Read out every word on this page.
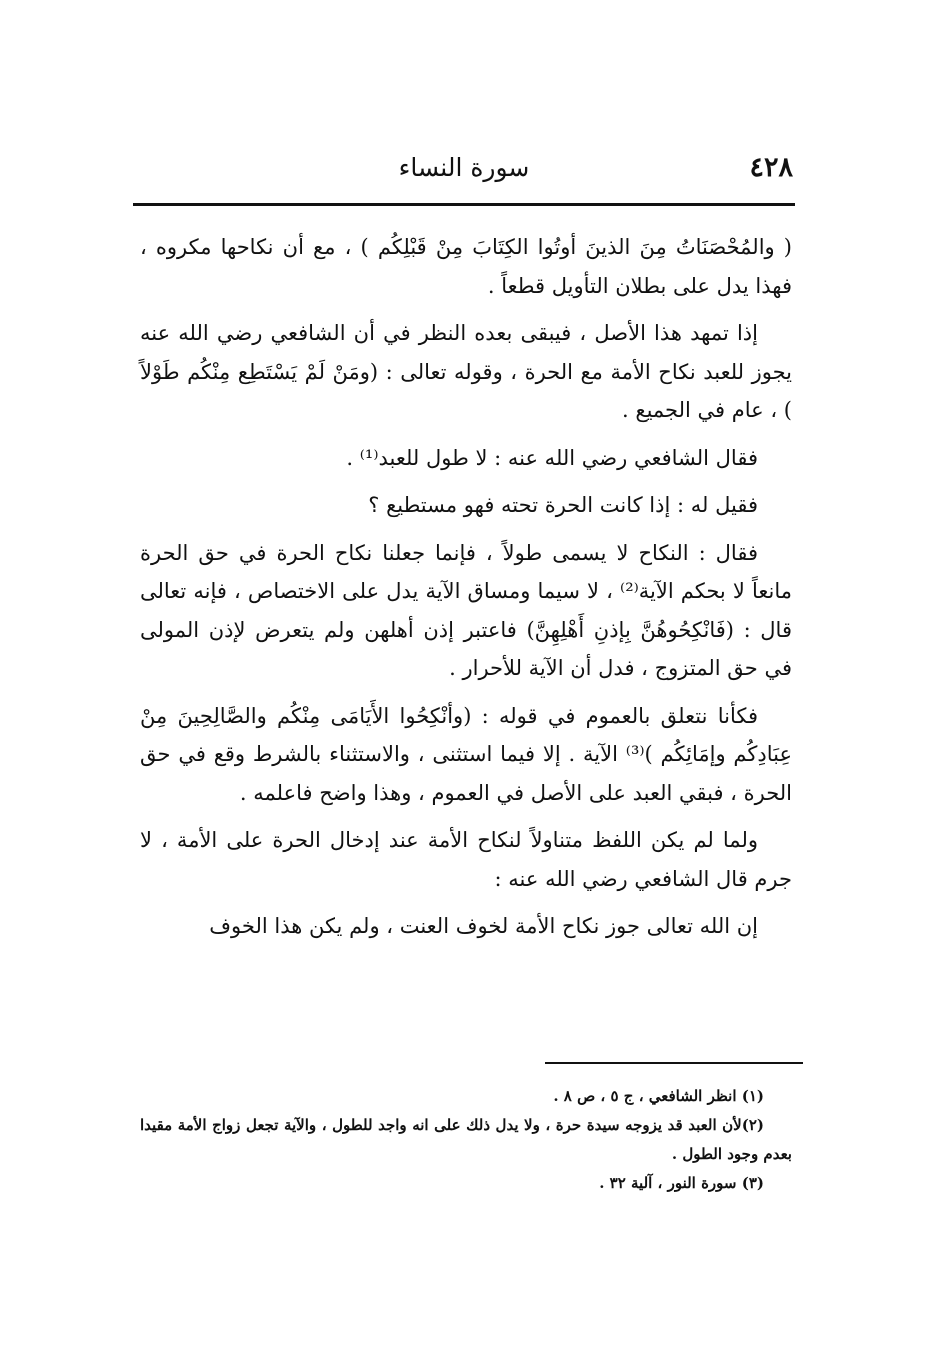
٤٢٨
سورة النساء

( والمُحْصَنَاتُ مِنَ الذينَ أوتُوا الكِتَابَ مِنْ قَبْلِكُم ) ، مع أن نكاحها مكروه ، فهذا يدل على بطلان التأويل قطعاً .

إذا تمهد هذا الأصل ، فيبقى بعده النظر في أن الشافعي رضي الله عنه يجوز للعبد نكاح الأمة مع الحرة ، وقوله تعالى : (ومَنْ لَمْ يَسْتَطِع مِنْكُم طَوْلاً ) ، عام في الجميع .

فقال الشافعي رضي الله عنه : لا طول للعبد⁽¹⁾ .

فقيل له : إذا كانت الحرة تحته فهو مستطيع ؟

فقال : النكاح لا يسمى طولاً ، فإنما جعلنا نكاح الحرة في حق الحرة مانعاً لا بحكم الآية⁽²⁾ ، لا سيما ومساق الآية يدل على الاختصاص ، فإنه تعالى قال : (فَانْكِحُوهُنَّ بِإذنِ أَهْلِهِنَّ) فاعتبر إذن أهلهن ولم يتعرض لإذن المولى في حق المتزوج ، فدل أن الآية للأحرار .

فكأنا نتعلق بالعموم في قوله : (وأنْكِحُوا الأَيَامَى مِنْكُم والصَّالِحِينَ مِنْ عِبَادِكُم وإمَائِكُم )⁽³⁾ الآية . إلا فيما استثنى ، والاستثناء بالشرط وقع في حق الحرة ، فبقي العبد على الأصل في العموم ، وهذا واضح فاعلمه .

ولما لم يكن اللفظ متناولاً لنكاح الأمة عند إدخال الحرة على الأمة ، لا جرم قال الشافعي رضي الله عنه :

إن الله تعالى جوز نكاح الأمة لخوف العنت ، ولم يكن هذا الخوف

(١) انظر الشافعي ، ج ٥ ، ص ٨ .

(٢)لأن العبد قد يزوجه سيدة حرة ، ولا يدل ذلك على انه واجد للطول ، والآية تجعل زواج الأمة مقيدا بعدم وجود الطول .

(٣) سورة النور ، آلية ٣٢ .
